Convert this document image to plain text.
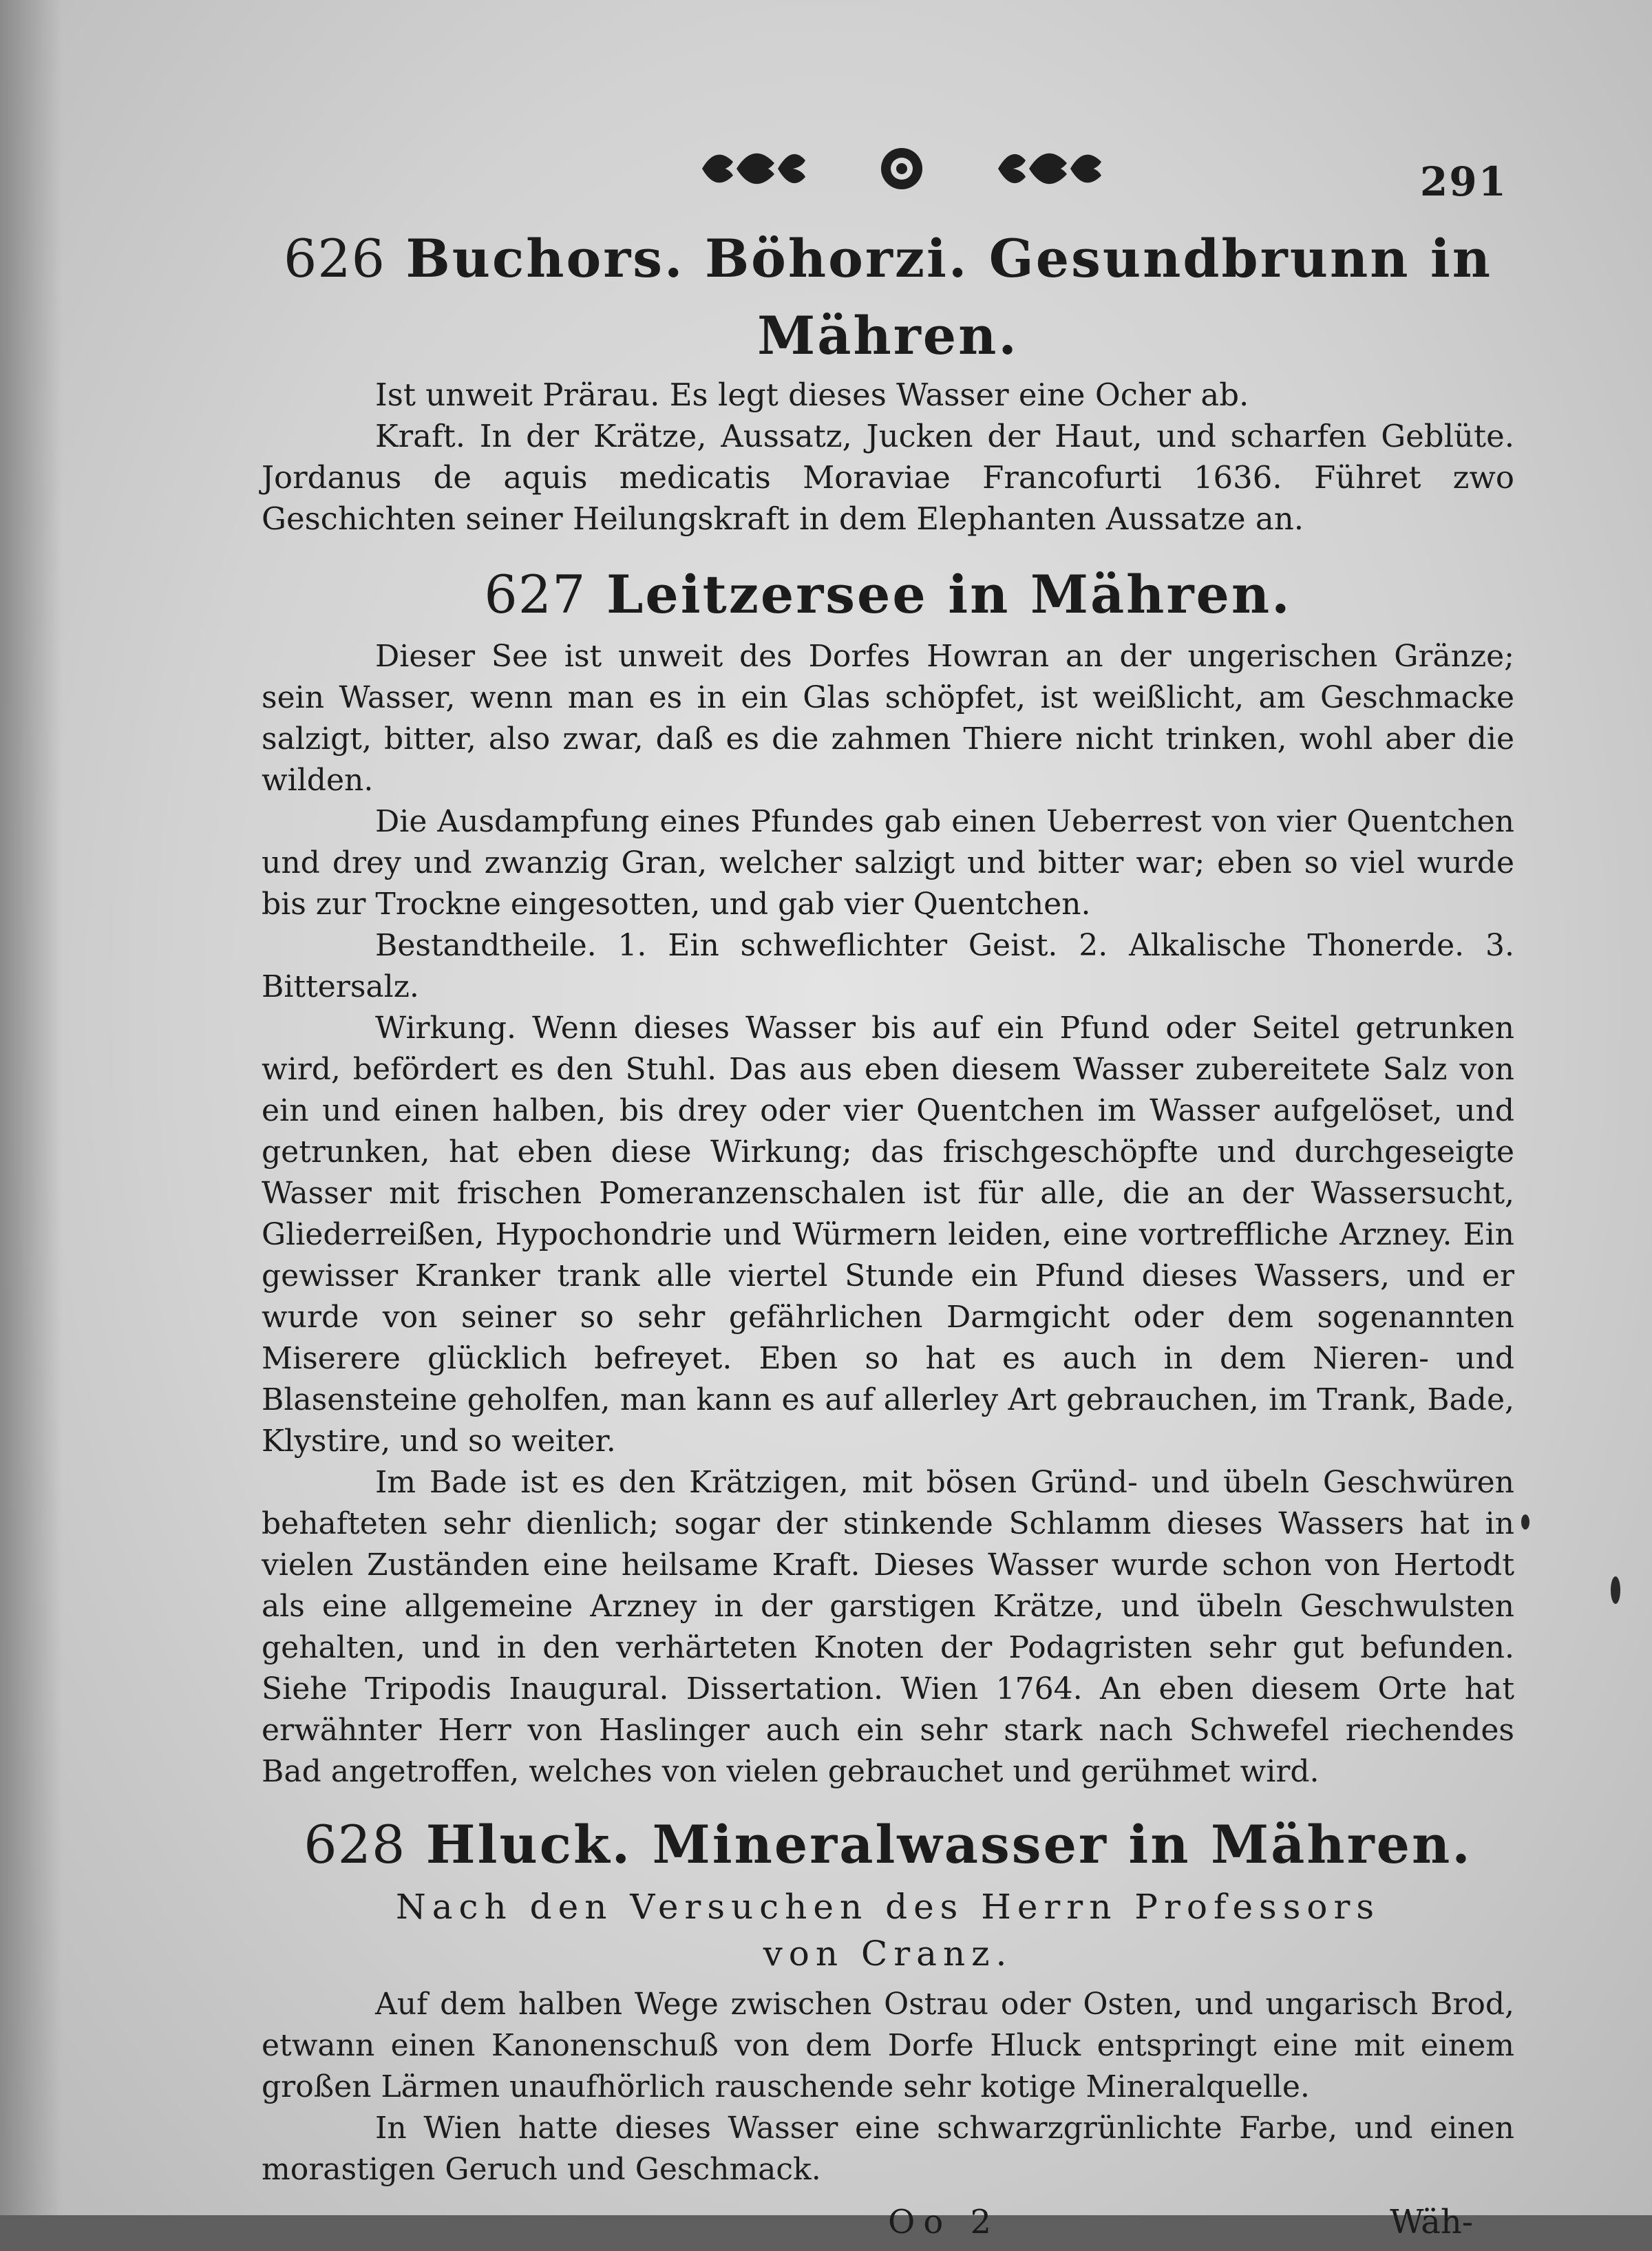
291
626 Buchors. Böhorzi. Gesundbrunn in Mähren.

Ist unweit Prärau. Es legt dieses Wasser eine Ocher ab.

Kraft. In der Krätze, Aussatz, Jucken der Haut, und scharfen Geblüte. Jordanus de aquis medicatis Moraviae Francofurti 1636. Führet zwo Geschichten seiner Heilungskraft in dem Elephanten Aussatze an.

627 Leitzersee in Mähren.

Dieser See ist unweit des Dorfes Howran an der ungerischen Gränze; sein Wasser, wenn man es in ein Glas schöpfet, ist weißlicht, am Geschmacke salzigt, bitter, also zwar, daß es die zahmen Thiere nicht trinken, wohl aber die wilden.

Die Ausdampfung eines Pfundes gab einen Ueberrest von vier Quentchen und drey und zwanzig Gran, welcher salzigt und bitter war; eben so viel wurde bis zur Trockne eingesotten, und gab vier Quentchen.

Bestandtheile. 1. Ein schweflichter Geist. 2. Alkalische Thonerde. 3. Bittersalz.

Wirkung. Wenn dieses Wasser bis auf ein Pfund oder Seitel getrunken wird, befördert es den Stuhl. Das aus eben diesem Wasser zubereitete Salz von ein und einen halben, bis drey oder vier Quentchen im Wasser aufgelöset, und getrunken, hat eben diese Wirkung; das frischgeschöpfte und durchgeseigte Wasser mit frischen Pomeranzenschalen ist für alle, die an der Wassersucht, Gliederreißen, Hypochondrie und Würmern leiden, eine vortreffliche Arzney. Ein gewisser Kranker trank alle viertel Stunde ein Pfund dieses Wassers, und er wurde von seiner so sehr gefährlichen Darmgicht oder dem sogenannten Miserere glücklich befreyet. Eben so hat es auch in dem Nieren- und Blasensteine geholfen, man kann es auf allerley Art gebrauchen, im Trank, Bade, Klystire, und so weiter.

Im Bade ist es den Krätzigen, mit bösen Gründ- und übeln Geschwüren behafteten sehr dienlich; sogar der stinkende Schlamm dieses Wassers hat in vielen Zuständen eine heilsame Kraft. Dieses Wasser wurde schon von Hertodt als eine allgemeine Arzney in der garstigen Krätze, und übeln Geschwulsten gehalten, und in den verhärteten Knoten der Podagristen sehr gut befunden. Siehe Tripodis Inaugural. Dissertation. Wien 1764. An eben diesem Orte hat erwähnter Herr von Haslinger auch ein sehr stark nach Schwefel riechendes Bad angetroffen, welches von vielen gebrauchet und gerühmet wird.

628 Hluck. Mineralwasser in Mähren.

Nach den Versuchen des Herrn Professors

von Cranz.

Auf dem halben Wege zwischen Ostrau oder Osten, und ungarisch Brod, etwann einen Kanonenschuß von dem Dorfe Hluck entspringt eine mit einem großen Lärmen unaufhörlich rauschende sehr kotige Mineralquelle.

In Wien hatte dieses Wasser eine schwarzgrünlichte Farbe, und einen morastigen Geruch und Geschmack.

Oo 2	Wäh-
